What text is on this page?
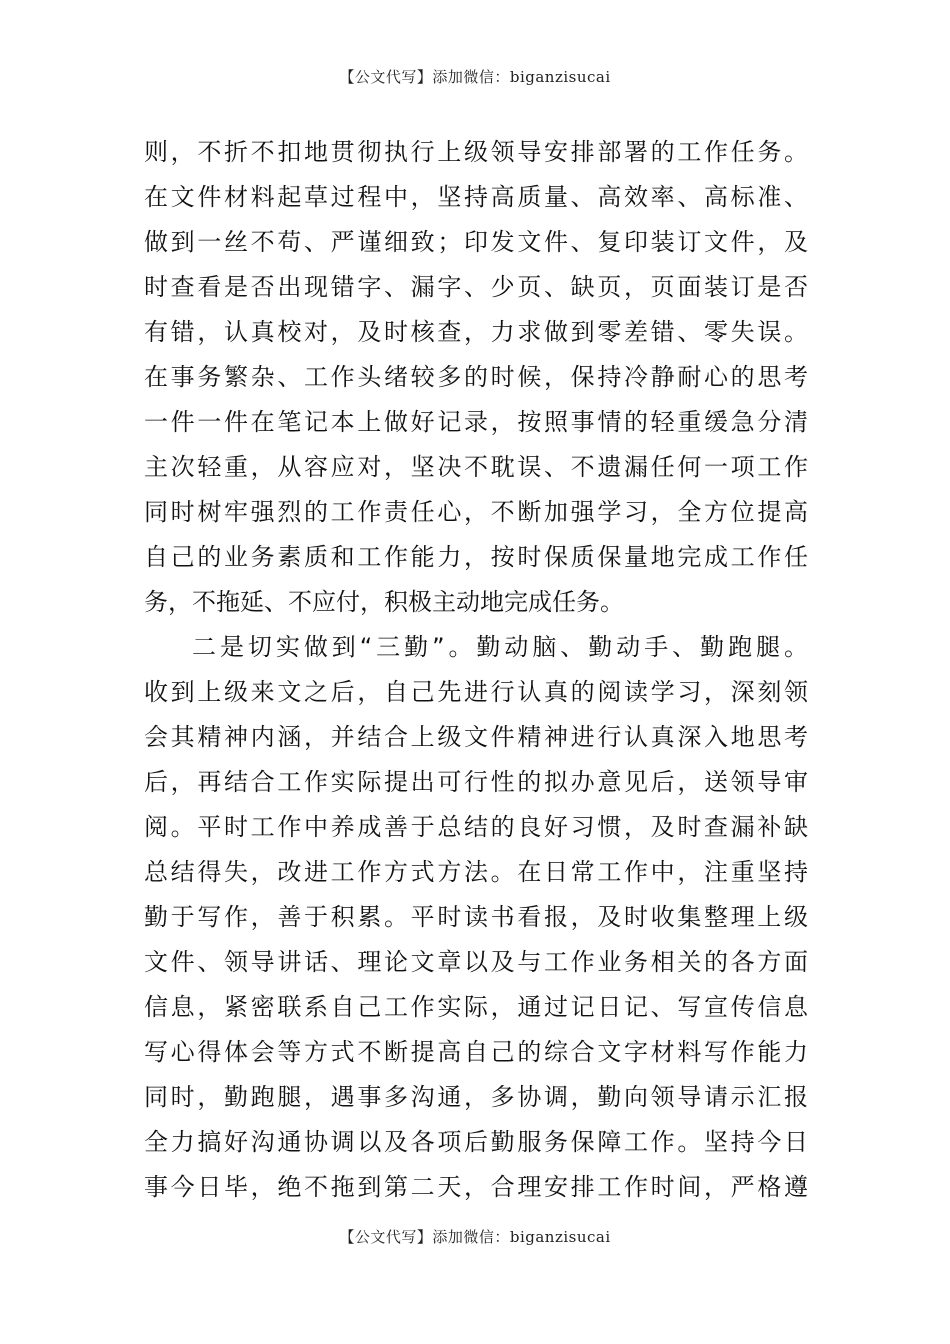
【公文代写】添加微信：biganzisucai
则，不折不扣地贯彻执行上级领导安排部署的工作任务。
在文件材料起草过程中，坚持高质量、高效率、高标准、
做到一丝不苟、严谨细致；印发文件、复印装订文件，及
时查看是否出现错字、漏字、少页、缺页，页面装订是否
有错，认真校对，及时核查，力求做到零差错、零失误。
在事务繁杂、工作头绪较多的时候，保持冷静耐心的思考
一件一件在笔记本上做好记录，按照事情的轻重缓急分清
主次轻重，从容应对，坚决不耽误、不遗漏任何一项工作
同时树牢强烈的工作责任心，不断加强学习，全方位提高
自己的业务素质和工作能力，按时保质保量地完成工作任
务，不拖延、不应付，积极主动地完成任务。
二是切实做到“三勤”。勤动脑、勤动手、勤跑腿。
收到上级来文之后，自己先进行认真的阅读学习，深刻领
会其精神内涵，并结合上级文件精神进行认真深入地思考
后，再结合工作实际提出可行性的拟办意见后，送领导审
阅。平时工作中养成善于总结的良好习惯，及时查漏补缺
总结得失，改进工作方式方法。在日常工作中，注重坚持
勤于写作，善于积累。平时读书看报，及时收集整理上级
文件、领导讲话、理论文章以及与工作业务相关的各方面
信息，紧密联系自己工作实际，通过记日记、写宣传信息
写心得体会等方式不断提高自己的综合文字材料写作能力
同时，勤跑腿，遇事多沟通，多协调，勤向领导请示汇报
全力搞好沟通协调以及各项后勤服务保障工作。坚持今日
事今日毕，绝不拖到第二天，合理安排工作时间，严格遵
【公文代写】添加微信：biganzisucai
